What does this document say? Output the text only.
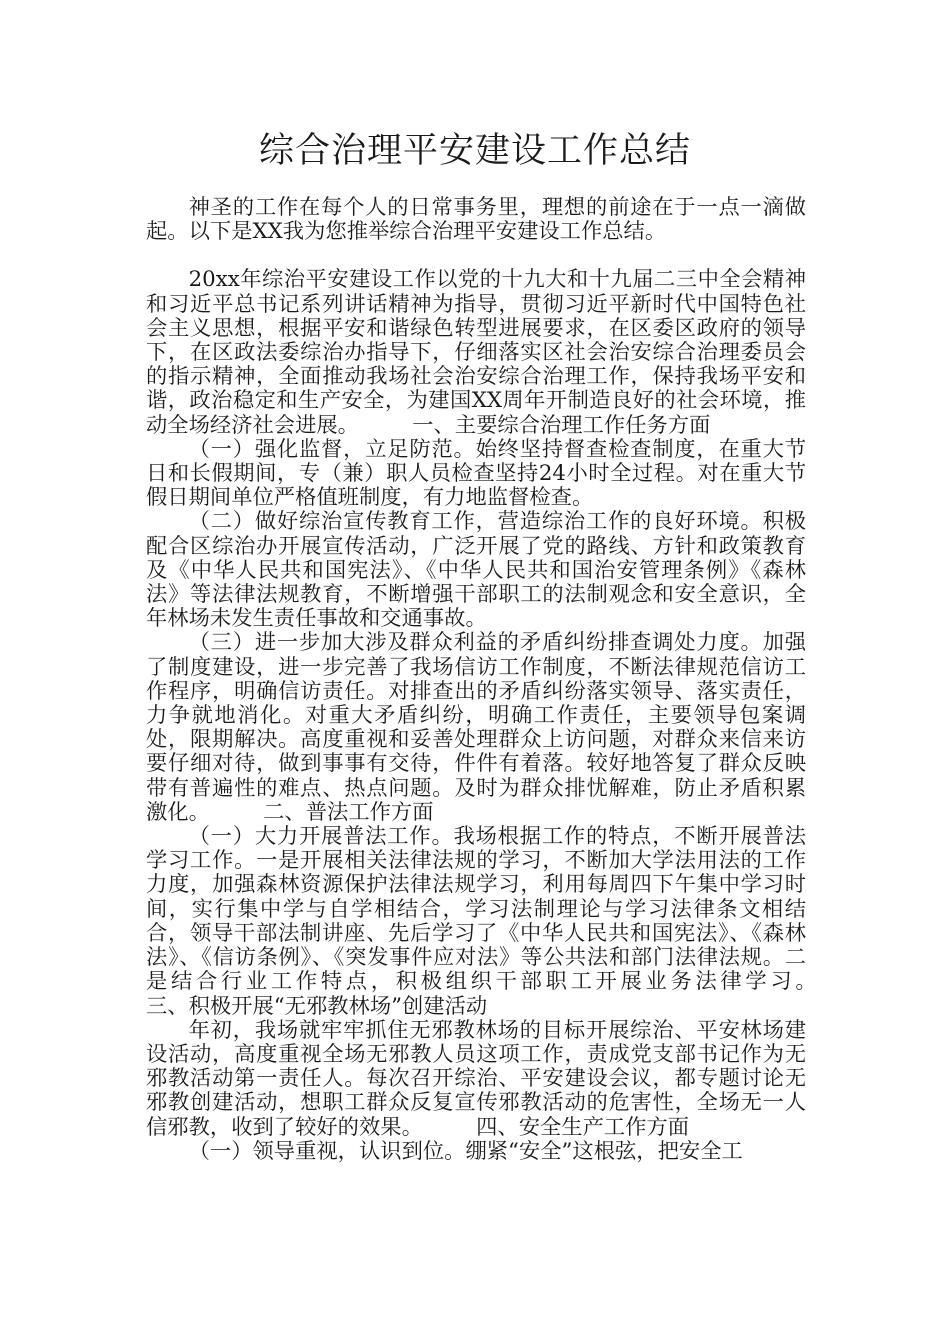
综合治理平安建设工作总结

神圣的工作在每个人的日常事务里，理想的前途在于一点一滴做起。以下是XX我为您推举综合治理平安建设工作总结。

20xx年综治平安建设工作以党的十九大和十九届二三中全会精神和习近平总书记系列讲话精神为指导，贯彻习近平新时代中国特色社会主义思想，根据平安和谐绿色转型进展要求，在区委区政府的领导下，在区政法委综治办指导下，仔细落实区社会治安综合治理委员会的指示精神，全面推动我场社会治安综合治理工作，保持我场平安和谐，政治稳定和生产安全，为建国XX周年开制造良好的社会环境，推动全场经济社会进展。　　　一、主要综合治理工作任务方面

（一）强化监督，立足防范。始终坚持督查检查制度，在重大节日和长假期间，专（兼）职人员检查坚持24小时全过程。对在重大节假日期间单位严格值班制度，有力地监督检查。

（二）做好综治宣传教育工作，营造综治工作的良好环境。积极配合区综治办开展宣传活动，广泛开展了党的路线、方针和政策教育及《中华人民共和国宪法》、《中华人民共和国治安管理条例》《森林法》等法律法规教育，不断增强干部职工的法制观念和安全意识，全年林场未发生责任事故和交通事故。

（三）进一步加大涉及群众利益的矛盾纠纷排查调处力度。加强了制度建设，进一步完善了我场信访工作制度，不断法律规范信访工作程序，明确信访责任。对排查出的矛盾纠纷落实领导、落实责任，力争就地消化。对重大矛盾纠纷，明确工作责任，主要领导包案调处，限期解决。高度重视和妥善处理群众上访问题，对群众来信来访要仔细对待，做到事事有交待，件件有着落。较好地答复了群众反映带有普遍性的难点、热点问题。及时为群众排忧解难，防止矛盾积累激化。　　　二、普法工作方面

（一）大力开展普法工作。我场根据工作的特点，不断开展普法学习工作。一是开展相关法律法规的学习，不断加大学法用法的工作力度，加强森林资源保护法律法规学习，利用每周四下午集中学习时间，实行集中学与自学相结合，学习法制理论与学习法律条文相结合，领导干部法制讲座、先后学习了《中华人民共和国宪法》、《森林法》、《信访条例》、《突发事件应对法》等公共法和部门法律法规。二是结合行业工作特点，积极组织干部职工开展业务法律学习。　　　三、积极开展“无邪教林场”创建活动

年初，我场就牢牢抓住无邪教林场的目标开展综治、平安林场建设活动，高度重视全场无邪教人员这项工作，责成党支部书记作为无邪教活动第一责任人。每次召开综治、平安建设会议，都专题讨论无邪教创建活动，想职工群众反复宣传邪教活动的危害性，全场无一人信邪教，收到了较好的效果。　　　四、安全生产工作方面

（一）领导重视，认识到位。绷紧“安全”这根弦，把安全工
